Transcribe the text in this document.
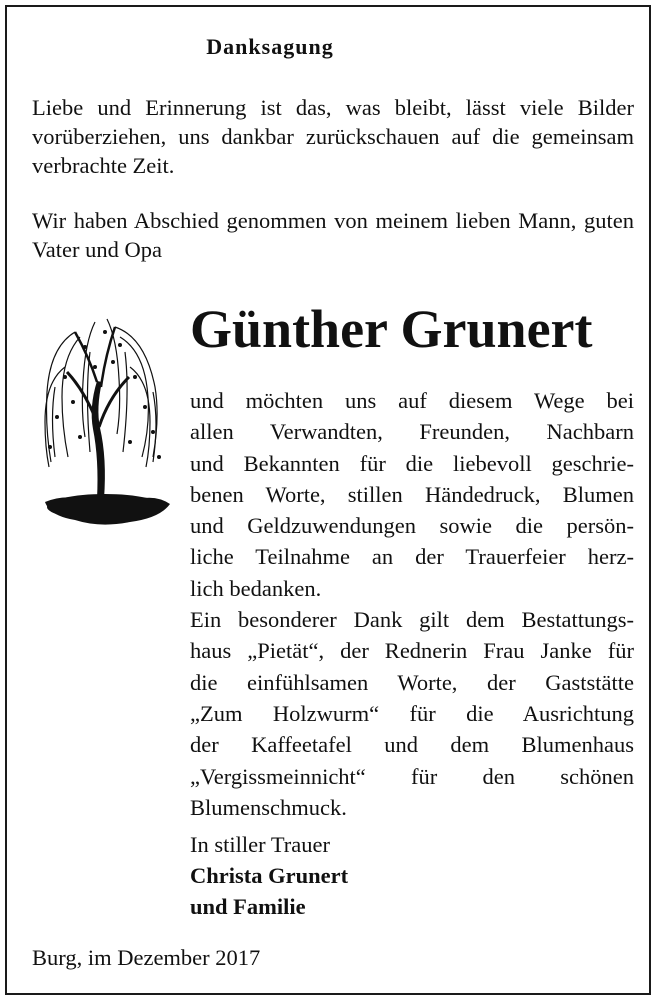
Danksagung

Liebe und Erinnerung ist das, was bleibt, lässt viele Bilder vorüberziehen, uns dankbar zurückschauen auf die gemeinsam verbrachte Zeit.

Wir haben Abschied genommen von meinem lieben Mann, guten Vater und Opa

Günther Grunert
und möchten uns auf diesem Wege bei
allen Verwandten, Freunden, Nachbarn
und Bekannten für die liebevoll geschrie-
benen Worte, stillen Händedruck, Blumen
und Geldzuwendungen sowie die persön-
liche Teilnahme an der Trauerfeier herz-
lich bedanken.
Ein besonderer Dank gilt dem Bestattungs-
haus „Pietät“, der Rednerin Frau Janke für
die einfühlsamen Worte, der Gaststätte
„Zum Holzwurm“ für die Ausrichtung
der Kaffeetafel und dem Blumenhaus
„Vergissmeinnicht“ für den schönen
Blumenschmuck.
In stiller Trauer
Christa Grunert
und Familie
Burg, im Dezember 2017
